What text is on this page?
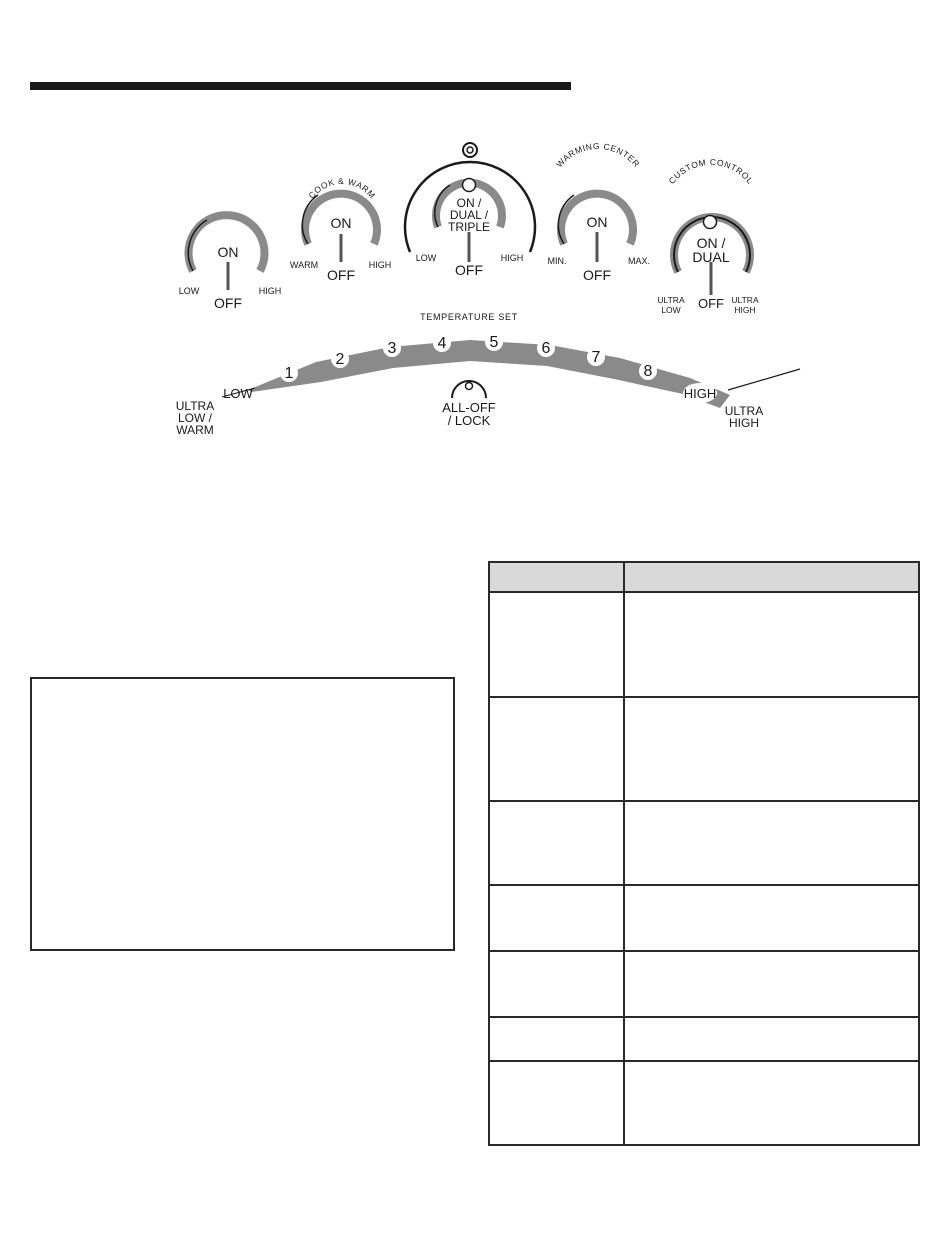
ON
OFF
LOW	HIGH
COOK & WARM
ON
OFF
WARM	HIGH
ON /
DUAL /
TRIPLE
OFF
LOW	HIGH
WARMING CENTER
ON
OFF
MIN.	MAX.
CUSTOM CONTROL
ON /
DUAL
OFF
ULTRA
LOW
ULTRA
HIGH
TEMPERATURE SET
1
2
3	4	5	6
7
8
LOW	HIGH
ULTRA
LOW /
WARM
ULTRA
HIGH
ALL-OFF
/ LOCK
